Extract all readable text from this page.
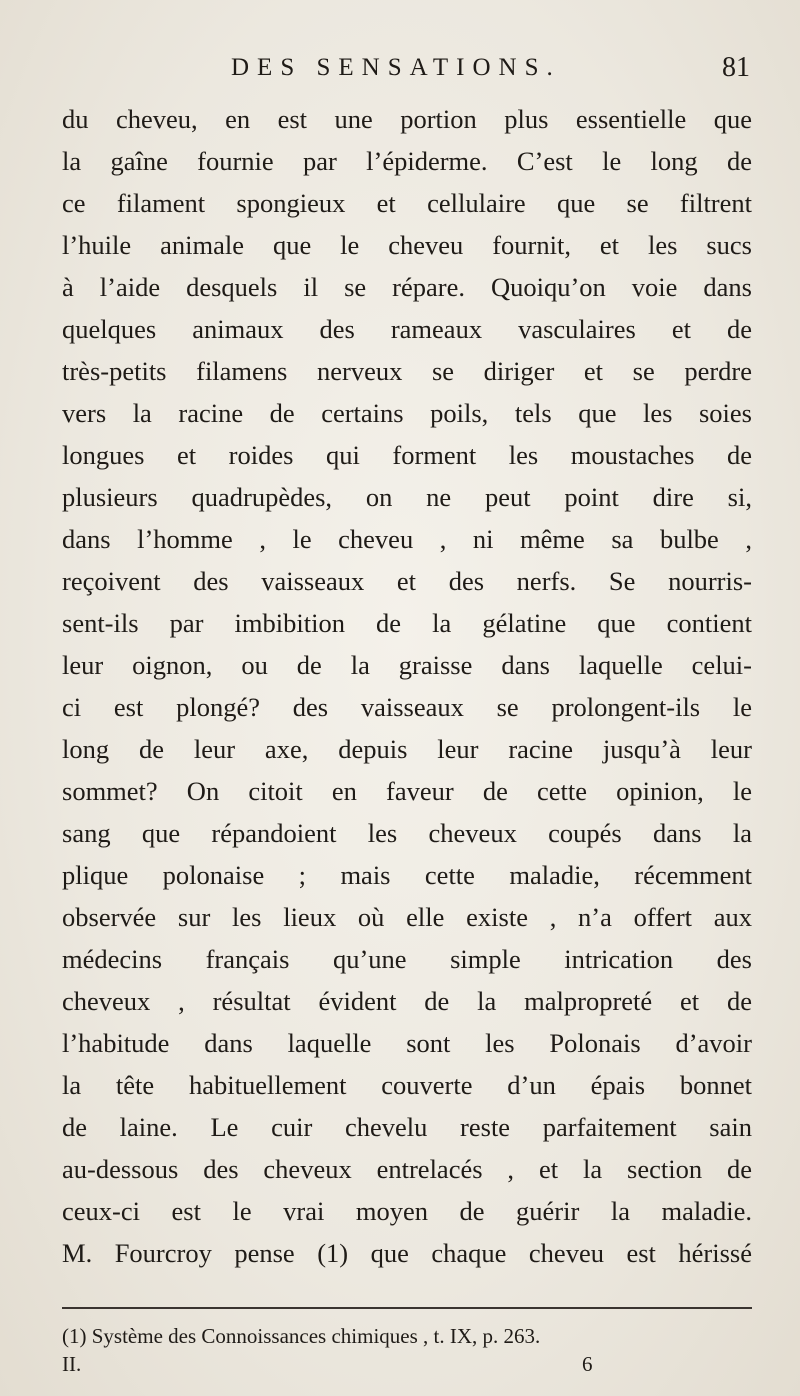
DES SENSATIONS.	81
du cheveu, en est une portion plus essentielle que
la gaîne fournie par l’épiderme. C’est le long de
ce filament spongieux et cellulaire que se filtrent
l’huile animale que le cheveu fournit, et les sucs
à l’aide desquels il se répare. Quoiqu’on voie dans
quelques animaux des rameaux vasculaires et de
très-petits filamens nerveux se diriger et se perdre
vers la racine de certains poils, tels que les soies
longues et roides qui forment les moustaches de
plusieurs quadrupèdes, on ne peut point dire si,
dans l’homme , le cheveu , ni même sa bulbe ,
reçoivent des vaisseaux et des nerfs. Se nourris-
sent-ils par imbibition de la gélatine que contient
leur oignon, ou de la graisse dans laquelle celui-
ci est plongé? des vaisseaux se prolongent-ils le
long de leur axe, depuis leur racine jusqu’à leur
sommet? On citoit en faveur de cette opinion, le
sang que répandoient les cheveux coupés dans la
plique polonaise ; mais cette maladie, récemment
observée sur les lieux où elle existe , n’a offert aux
médecins français qu’une simple intrication des
cheveux , résultat évident de la malpropreté et de
l’habitude dans laquelle sont les Polonais d’avoir
la tête habituellement couverte d’un épais bonnet
de laine. Le cuir chevelu reste parfaitement sain
au-dessous des cheveux entrelacés , et la section de
ceux-ci est le vrai moyen de guérir la maladie.
M. Fourcroy pense (1) que chaque cheveu est hérissé
(1) Système des Connoissances chimiques , t. IX, p. 263.
II.	6
